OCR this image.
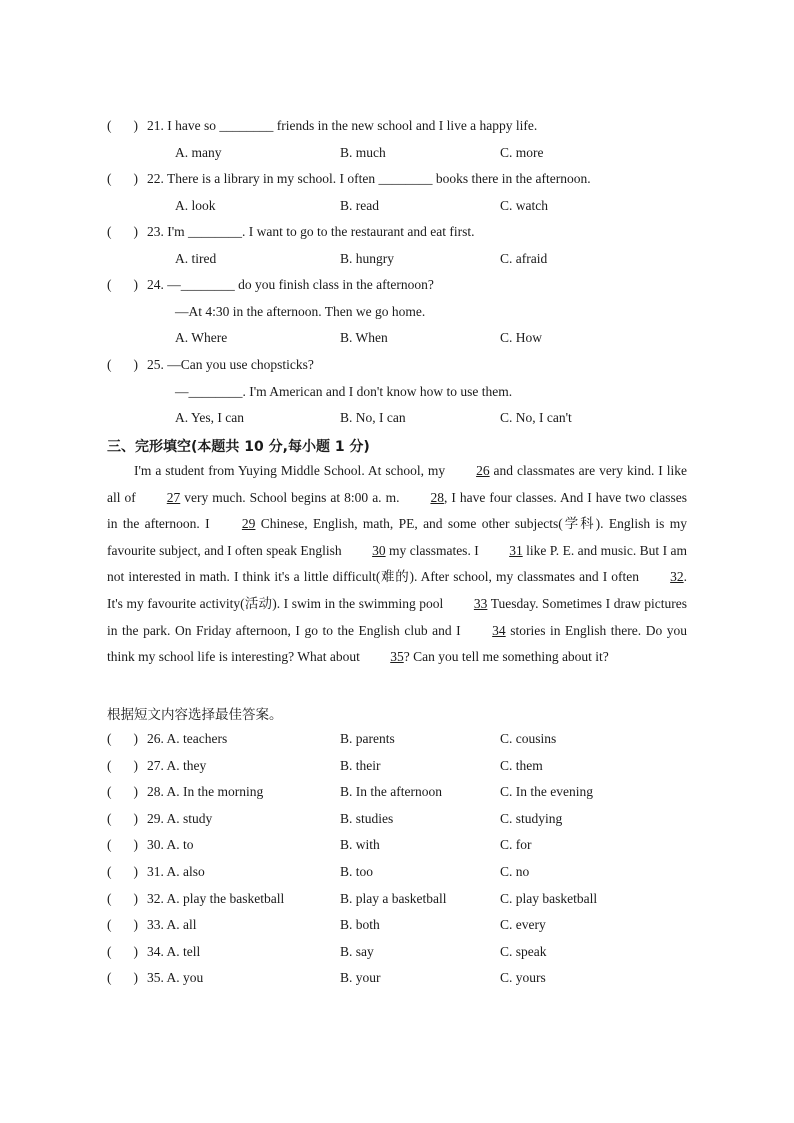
( ) 21. I have so ________ friends in the new school and I live a happy life.
A. many	B. much	C. more
( ) 22. There is a library in my school. I often ________ books there in the afternoon.
A. look	B. read	C. watch
( ) 23. I'm ________. I want to go to the restaurant and eat first.
A. tired	B. hungry	C. afraid
( ) 24. —________ do you finish class in the afternoon?
—At 4:30 in the afternoon. Then we go home.
A. Where	B. When	C. How
( ) 25. —Can you use chopsticks?
—________. I'm American and I don't know how to use them.
A. Yes, I can	B. No, I can	C. No, I can't
三、完形填空(本题共 10 分,每小题 1 分)
I'm a student from Yuying Middle School. At school, my 26 and classmates are very kind. I like all of 27 very much. School begins at 8:00 a. m. 28, I have four classes. And I have two classes in the afternoon. I 29 Chinese, English, math, PE, and some other subjects(学科). English is my favourite subject, and I often speak English 30 my classmates. I 31 like P. E. and music. But I am not interested in math. I think it's a little difficult(难的). After school, my classmates and I often 32. It's my favourite activity(活动). I swim in the swimming pool 33 Tuesday. Sometimes I draw pictures in the park. On Friday afternoon, I go to the English club and I 34 stories in English there. Do you think my school life is interesting? What about 35? Can you tell me something about it?
根据短文内容选择最佳答案。
( ) 26. A. teachers	B. parents	C. cousins
( ) 27. A. they	B. their	C. them
( ) 28. A. In the morning	B. In the afternoon	C. In the evening
( ) 29. A. study	B. studies	C. studying
( ) 30. A. to	B. with	C. for
( ) 31. A. also	B. too	C. no
( ) 32. A. play the basketball	B. play a basketball	C. play basketball
( ) 33. A. all	B. both	C. every
( ) 34. A. tell	B. say	C. speak
( ) 35. A. you	B. your	C. yours
